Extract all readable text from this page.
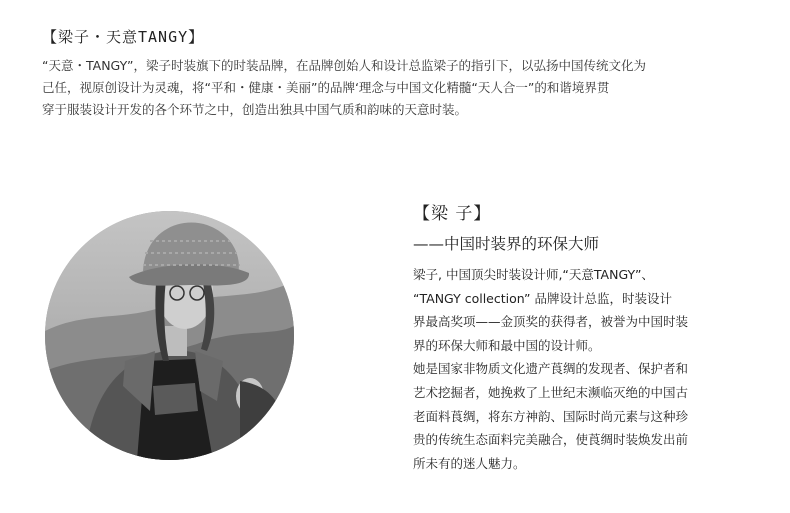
【梁子・天意TANGY】

“天意・TANGY”，梁子时装旗下的时装品牌，在品牌创始人和设计总监梁子的指引下，以弘扬中国传统文化为

己任，视原创设计为灵魂，将“平和・健康・美丽”的品牌‘理念与中国文化精髓“天人合一”的和谐境界贯

穿于服装设计开发的各个环节之中，创造出独具中国气质和韵味的天意时装。

【梁 子】
——中国时装界的环保大师

梁子, 中国顶尖时装设计师,“天意TANGY”、

“TANGY collection” 品牌设计总监，时装设计

界最高奖项——金顶奖的获得者，被誉为中国时装

界的环保大师和最中国的设计师。

她是国家非物质文化遗产莨绸的发现者、保护者和

艺术挖掘者，她挽救了上世纪末濒临灭绝的中国古

老面料莨绸，将东方神韵、国际时尚元素与这种珍

贵的传统生态面料完美融合，使莨绸时装焕发出前

所未有的迷人魅力。
